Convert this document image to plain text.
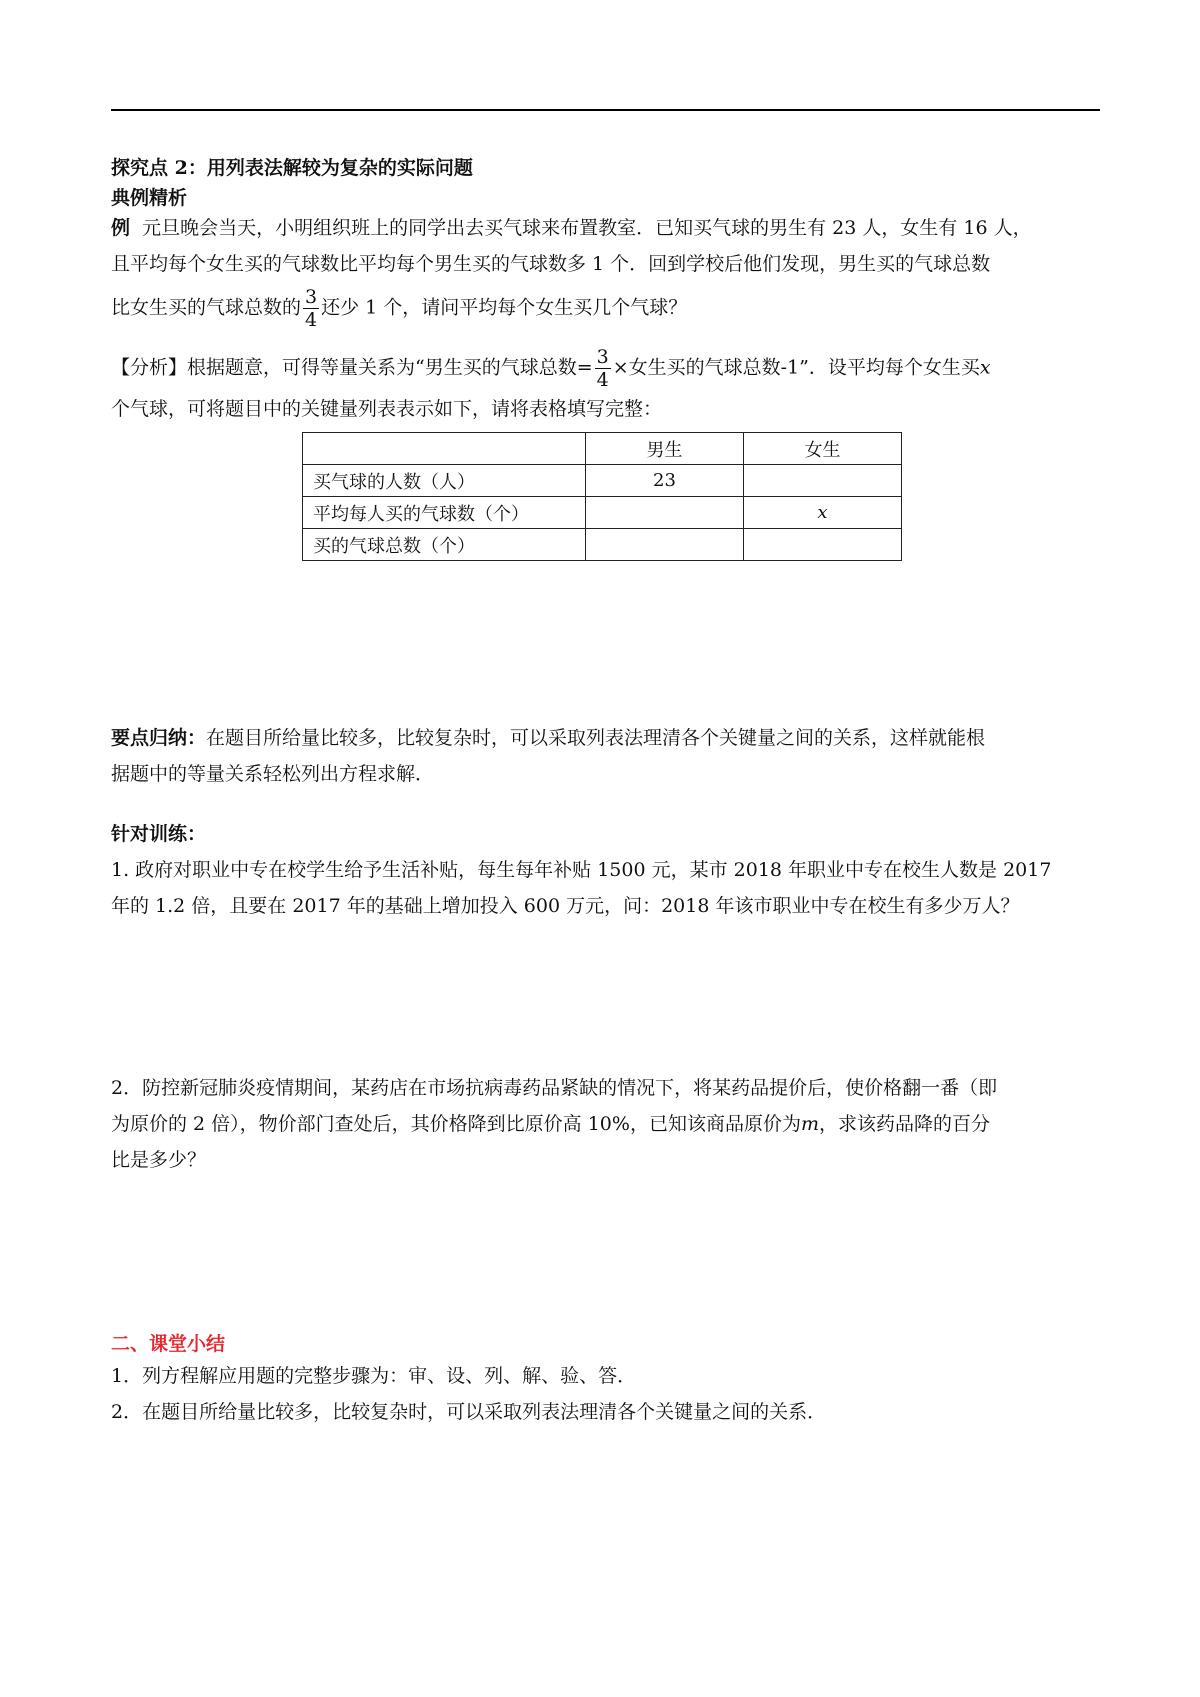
探究点 2：用列表法解较为复杂的实际问题
典例精析
例 元旦晚会当天，小明组织班上的同学出去买气球来布置教室．已知买气球的男生有 23 人，女生有 16 人，
且平均每个女生买的气球数比平均每个男生买的气球数多 1 个．回到学校后他们发现，男生买的气球总数
比女生买的气球总数的 $\frac{3}{4}$ 还少 1 个，请问平均每个女生买几个气球？
【分析】根据题意，可得等量关系为“男生买的气球总数= $\frac{3}{4}$ ×女生买的气球总数-1”．设平均每个女生买x
个气球，可将题目中的关键量列表表示如下，请将表格填写完整：
	男生	女生
买气球的人数（人）	23	
平均每人买的气球数（个）		x
买的气球总数（个）		
要点归纳：在题目所给量比较多，比较复杂时，可以采取列表法理清各个关键量之间的关系，这样就能根
据题中的等量关系轻松列出方程求解．
针对训练：
1. 政府对职业中专在校学生给予生活补贴，每生每年补贴 1500 元，某市 2018 年职业中专在校生人数是 2017
年的 1.2 倍，且要在 2017 年的基础上增加投入 600 万元，问：2018 年该市职业中专在校生有多少万人？
2．防控新冠肺炎疫情期间，某药店在市场抗病毒药品紧缺的情况下，将某药品提价后，使价格翻一番（即
为原价的 2 倍），物价部门查处后，其价格降到比原价高 10%，已知该商品原价为m，求该药品降的百分
比是多少？
二、课堂小结
1．列方程解应用题的完整步骤为：审、设、列、解、验、答．
2．在题目所给量比较多，比较复杂时，可以采取列表法理清各个关键量之间的关系．
